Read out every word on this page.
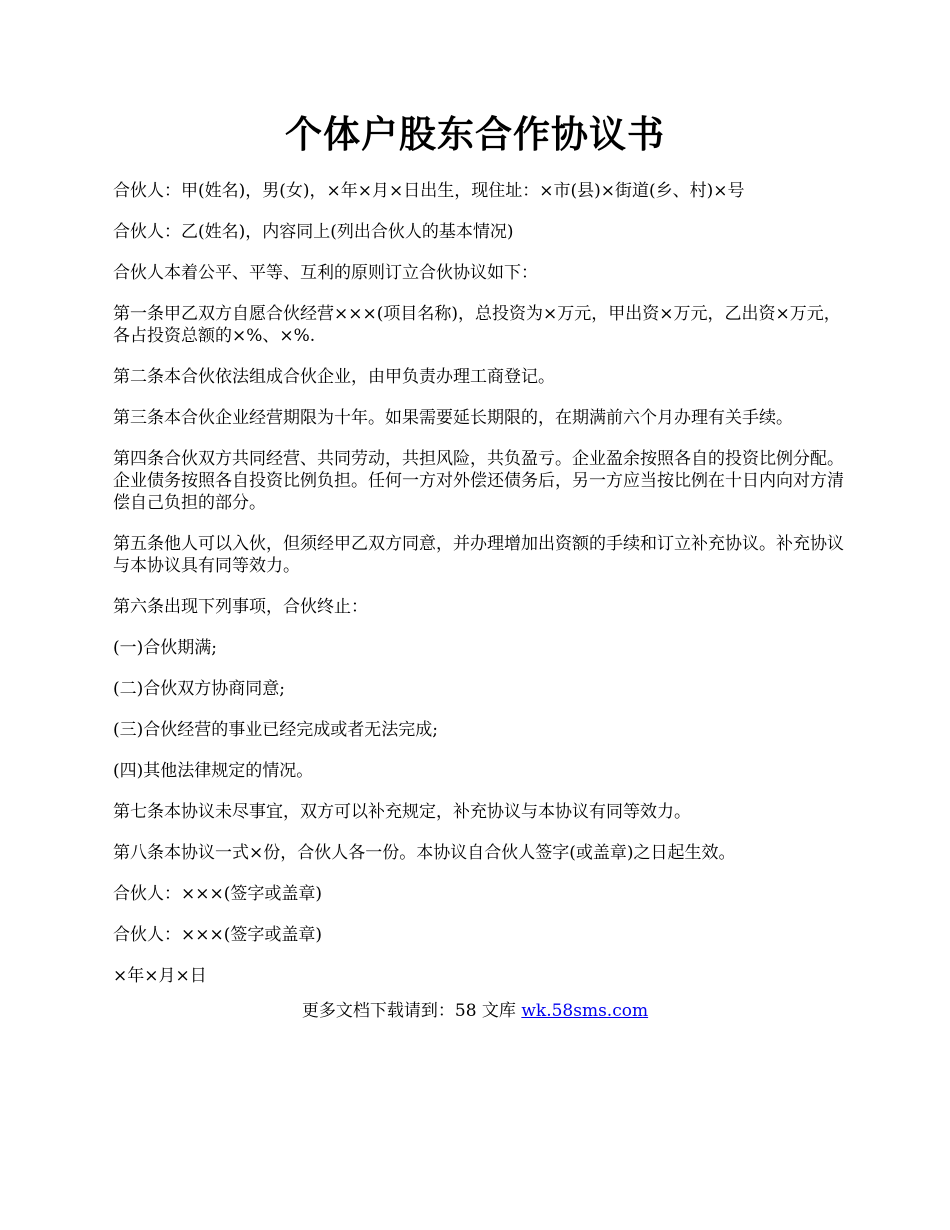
个体户股东合作协议书

合伙人：甲(姓名)，男(女)，×年×月×日出生，现住址：×市(县)×街道(乡、村)×号

合伙人：乙(姓名)，内容同上(列出合伙人的基本情况)

合伙人本着公平、平等、互利的原则订立合伙协议如下：

第一条甲乙双方自愿合伙经营×××(项目名称)，总投资为×万元，甲出资×万元，乙出资×万元，各占投资总额的×%、×%.

第二条本合伙依法组成合伙企业，由甲负责办理工商登记。

第三条本合伙企业经营期限为十年。如果需要延长期限的，在期满前六个月办理有关手续。

第四条合伙双方共同经营、共同劳动，共担风险，共负盈亏。企业盈余按照各自的投资比例分配。企业债务按照各自投资比例负担。任何一方对外偿还债务后，另一方应当按比例在十日内向对方清偿自己负担的部分。

第五条他人可以入伙，但须经甲乙双方同意，并办理增加出资额的手续和订立补充协议。补充协议与本协议具有同等效力。

第六条出现下列事项，合伙终止：

(一)合伙期满;

(二)合伙双方协商同意;

(三)合伙经营的事业已经完成或者无法完成;

(四)其他法律规定的情况。

第七条本协议未尽事宜，双方可以补充规定，补充协议与本协议有同等效力。

第八条本协议一式×份，合伙人各一份。本协议自合伙人签字(或盖章)之日起生效。

合伙人：×××(签字或盖章)

合伙人：×××(签字或盖章)

×年×月×日

更多文档下载请到：58 文库 wk.58sms.com
